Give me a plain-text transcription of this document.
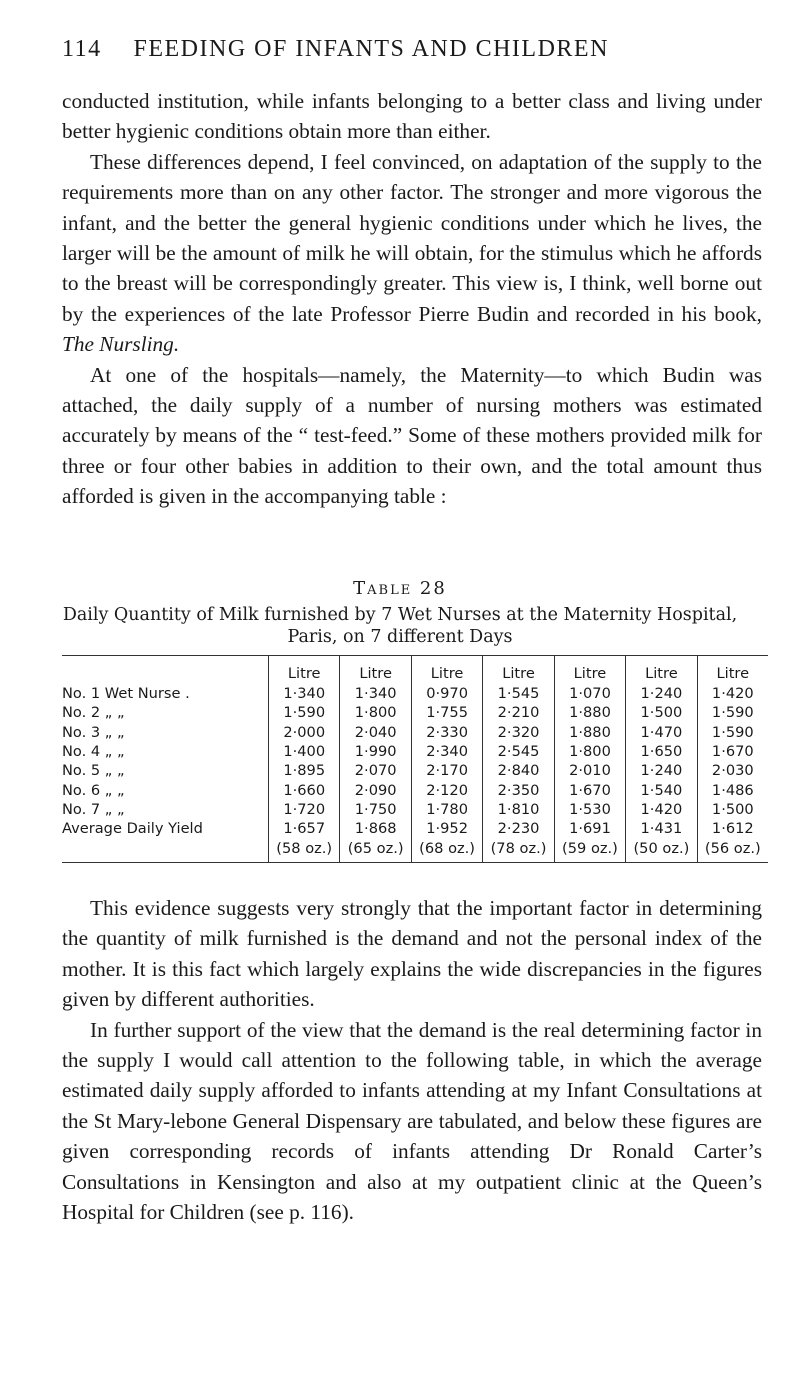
114 FEEDING OF INFANTS AND CHILDREN

conducted institution, while infants belonging to a better class and living under better hygienic conditions obtain more than either.

These differences depend, I feel convinced, on adaptation of the supply to the requirements more than on any other factor. The stronger and more vigorous the infant, and the better the general hygienic conditions under which he lives, the larger will be the amount of milk he will obtain, for the stimulus which he affords to the breast will be correspondingly greater. This view is, I think, well borne out by the experiences of the late Professor Pierre Budin and recorded in his book, The Nursling.

At one of the hospitals—namely, the Maternity—to which Budin was attached, the daily supply of a number of nursing mothers was estimated accurately by means of the “ test-feed.” Some of these mothers provided milk for three or four other babies in addition to their own, and the total amount thus afforded is given in the accompanying table :

Table 28
Daily Quantity of Milk furnished by 7 Wet Nurses at the Maternity Hospital, Paris, on 7 different Days
	Litre	Litre	Litre	Litre	Litre	Litre	Litre
No. 1 Wet Nurse .	1·340	1·340	0·970	1·545	1·070	1·240	1·420
No. 2 „ „	1·590	1·800	1·755	2·210	1·880	1·500	1·590
No. 3 „ „	2·000	2·040	2·330	2·320	1·880	1·470	1·590
No. 4 „ „	1·400	1·990	2·340	2·545	1·800	1·650	1·670
No. 5 „ „	1·895	2·070	2·170	2·840	2·010	1·240	2·030
No. 6 „ „	1·660	2·090	2·120	2·350	1·670	1·540	1·486
No. 7 „ „	1·720	1·750	1·780	1·810	1·530	1·420	1·500
Average Daily Yield	1·657	1·868	1·952	2·230	1·691	1·431	1·612
	(58 oz.)	(65 oz.)	(68 oz.)	(78 oz.)	(59 oz.)	(50 oz.)	(56 oz.)

This evidence suggests very strongly that the important factor in determining the quantity of milk furnished is the demand and not the personal index of the mother. It is this fact which largely explains the wide discrepancies in the figures given by different authorities.

In further support of the view that the demand is the real determining factor in the supply I would call attention to the following table, in which the average estimated daily supply afforded to infants attending at my Infant Consultations at the St Mary-lebone General Dispensary are tabulated, and below these figures are given corresponding records of infants attending Dr Ronald Carter’s Consultations in Kensington and also at my outpatient clinic at the Queen’s Hospital for Children (see p. 116).
